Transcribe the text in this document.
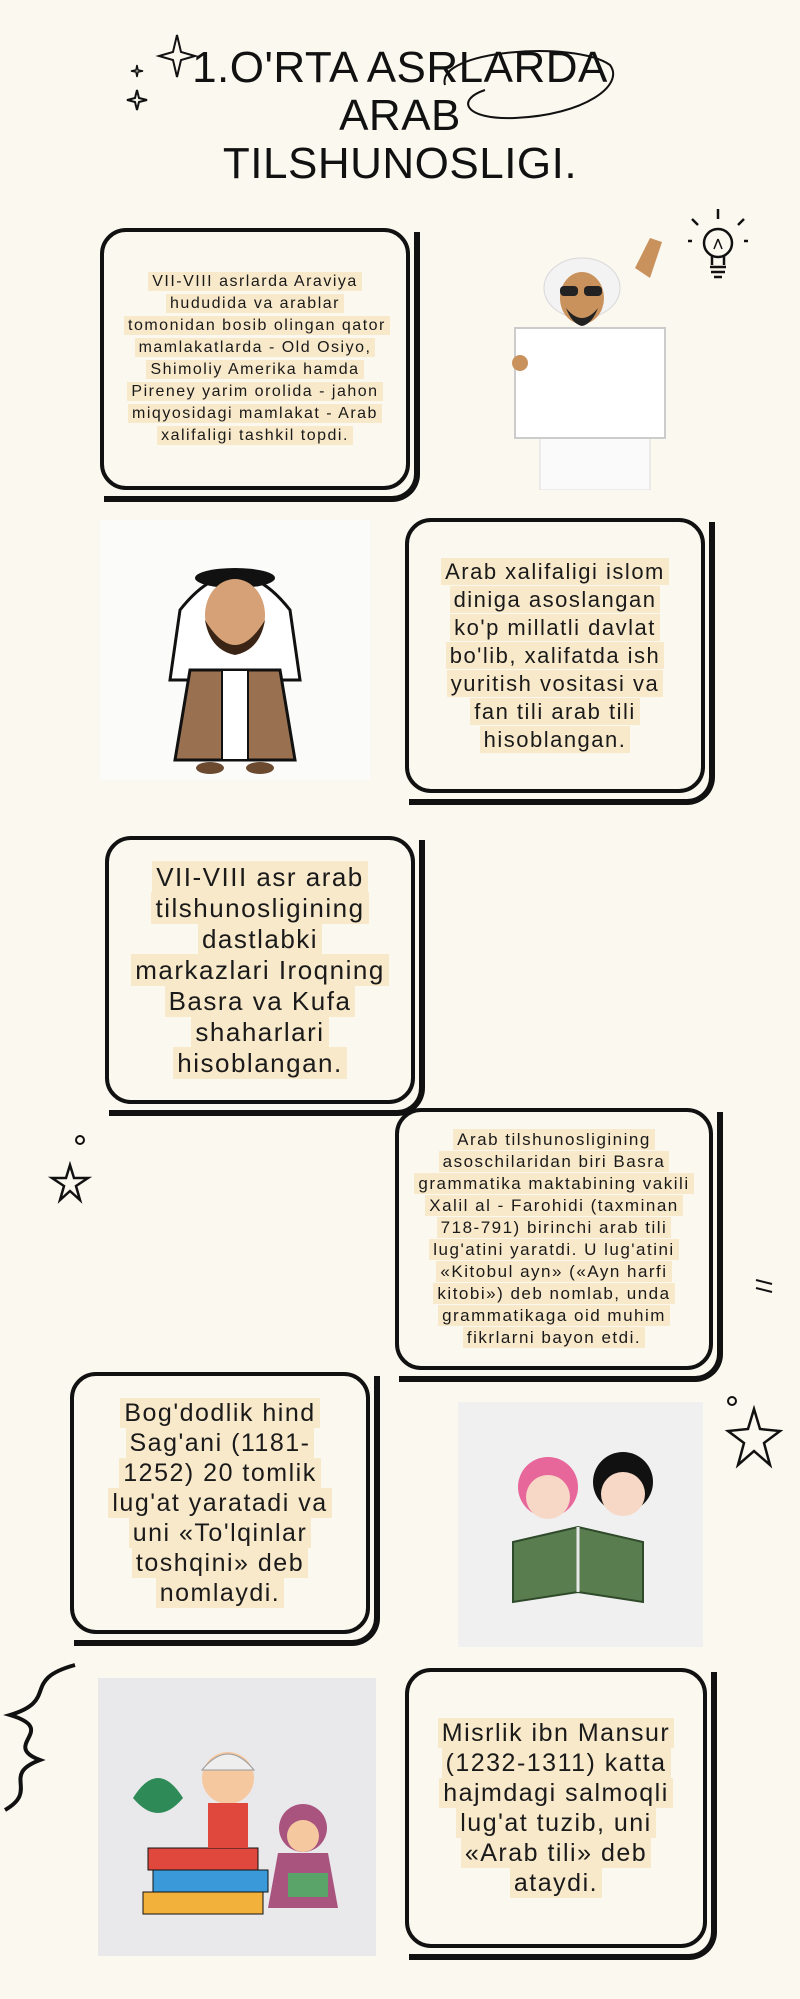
1.O'RTA ASRLARDA
ARAB
TILSHUNOSLIGI.
VII-VIII asrlarda Araviya hududida va arablar tomonidan bosib olingan qator mamlakatlarda - Old Osiyo, Shimoliy Amerika hamda Pireney yarim orolida - jahon miqyosidagi mamlakat - Arab xalifaligi tashkil topdi.
Arab xalifaligi islom diniga asoslangan ko'p millatli davlat bo'lib, xalifatda ish yuritish vositasi va fan tili arab tili hisoblangan.
VII-VIII asr arab tilshunosligining dastlabki markazlari Iroqning Basra va Kufa shaharlari hisoblangan.
Arab tilshunosligining asoschilaridan biri Basra grammatika maktabining vakili Xalil al - Farohidi (taxminan 718-791) birinchi arab tili lug'atini yaratdi. U lug'atini «Kitobul ayn» («Ayn harfi kitobi») deb nomlab, unda grammatikaga oid muhim fikrlarni bayon etdi.
Bog'dodlik hind Sag'ani (1181-1252) 20 tomlik lug'at yaratadi va uni «To'lqinlar toshqini» deb nomlaydi.
Misrlik ibn Mansur (1232-1311) katta hajmdagi salmoqli lug'at tuzib, uni «Arab tili» deb ataydi.
